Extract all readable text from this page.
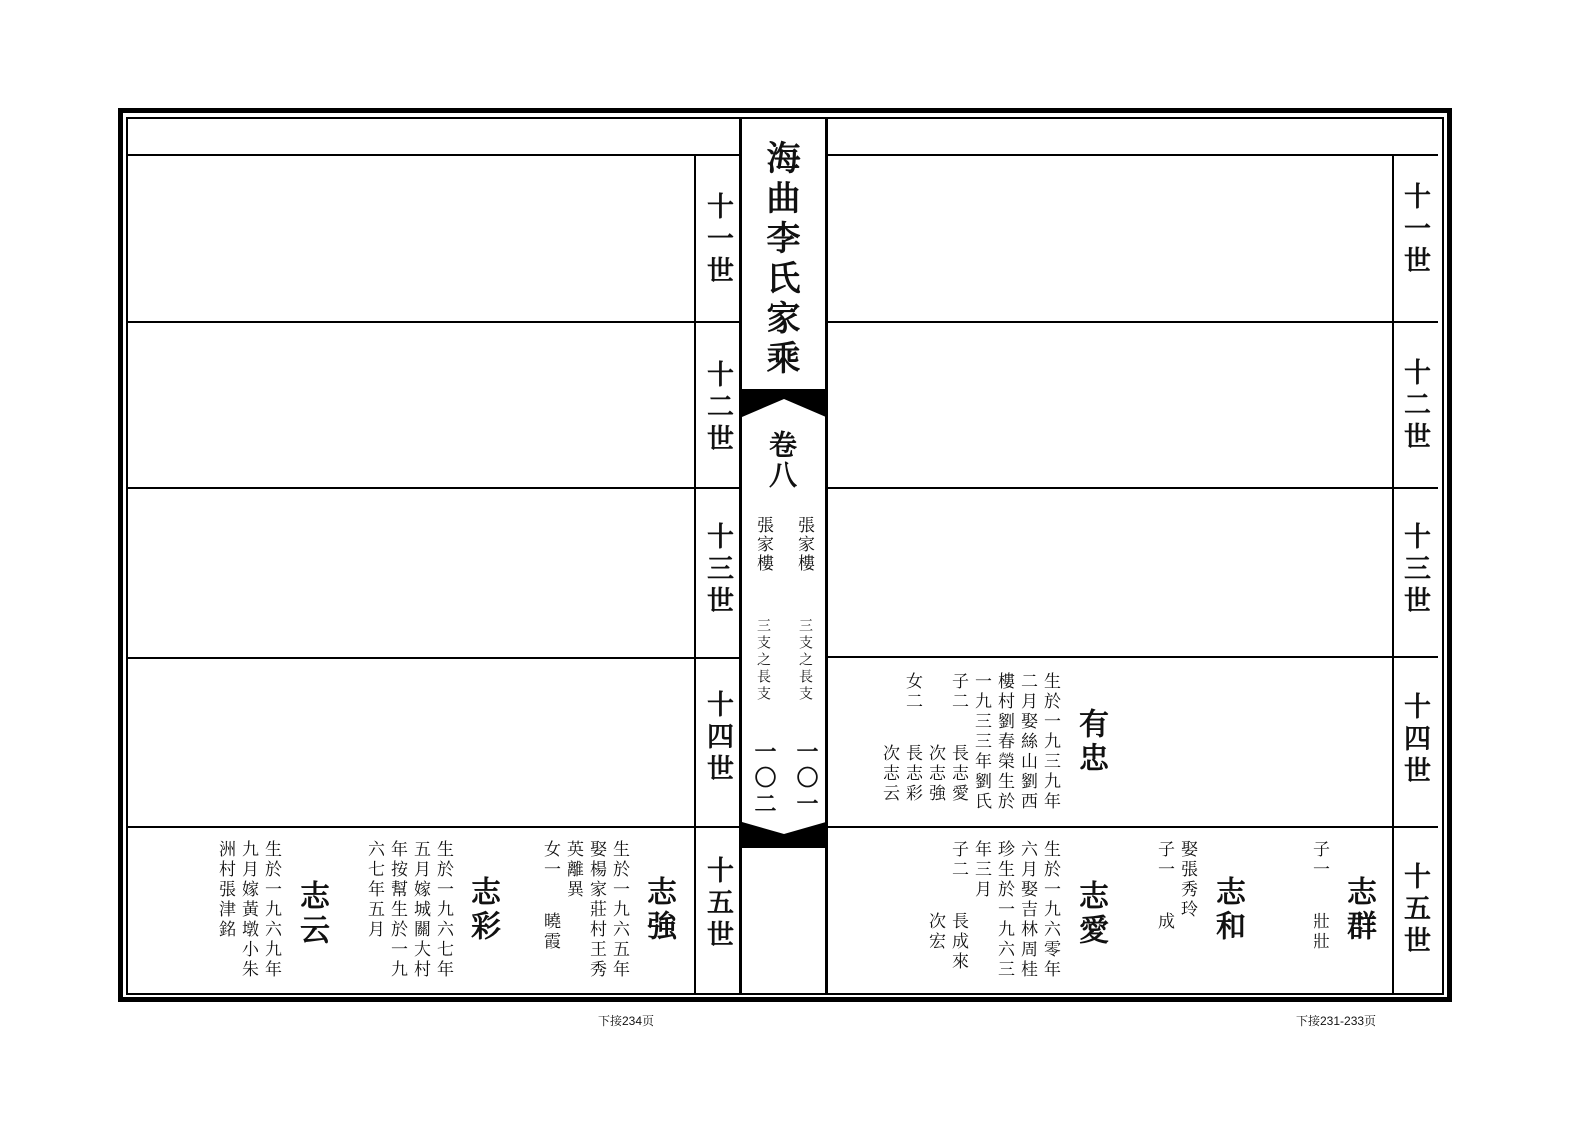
海曲李氏家乘
卷八
張家樓
張家樓
三支之長支
三支之長支
一〇一
一〇二
十一世
十二世
十三世
十四世
十五世
十一世
十二世
十三世
十四世
十五世
志強
生於一九六五年
娶楊家莊村王秀
英離異
女一
曉霞
志彩
生於一九六七年
五月嫁城關大村
年按幫生於一九
六七年五月
志云
生於一九六九年
九月嫁黃墩小朱
洲村張津銘
有忠
生於一九三九年
二月娶絲山劉西
樓村劉春榮生於
一九三三年劉氏
子二
長志愛
次志強
女二
長志彩
次志云
志群
子一
壯壯
志和
娶張秀玲
子一
成
志愛
生於一九六零年
六月娶吉林周桂
珍生於一九六三
年三月
子二
長成來
次宏
下接234页	下接231-233页
